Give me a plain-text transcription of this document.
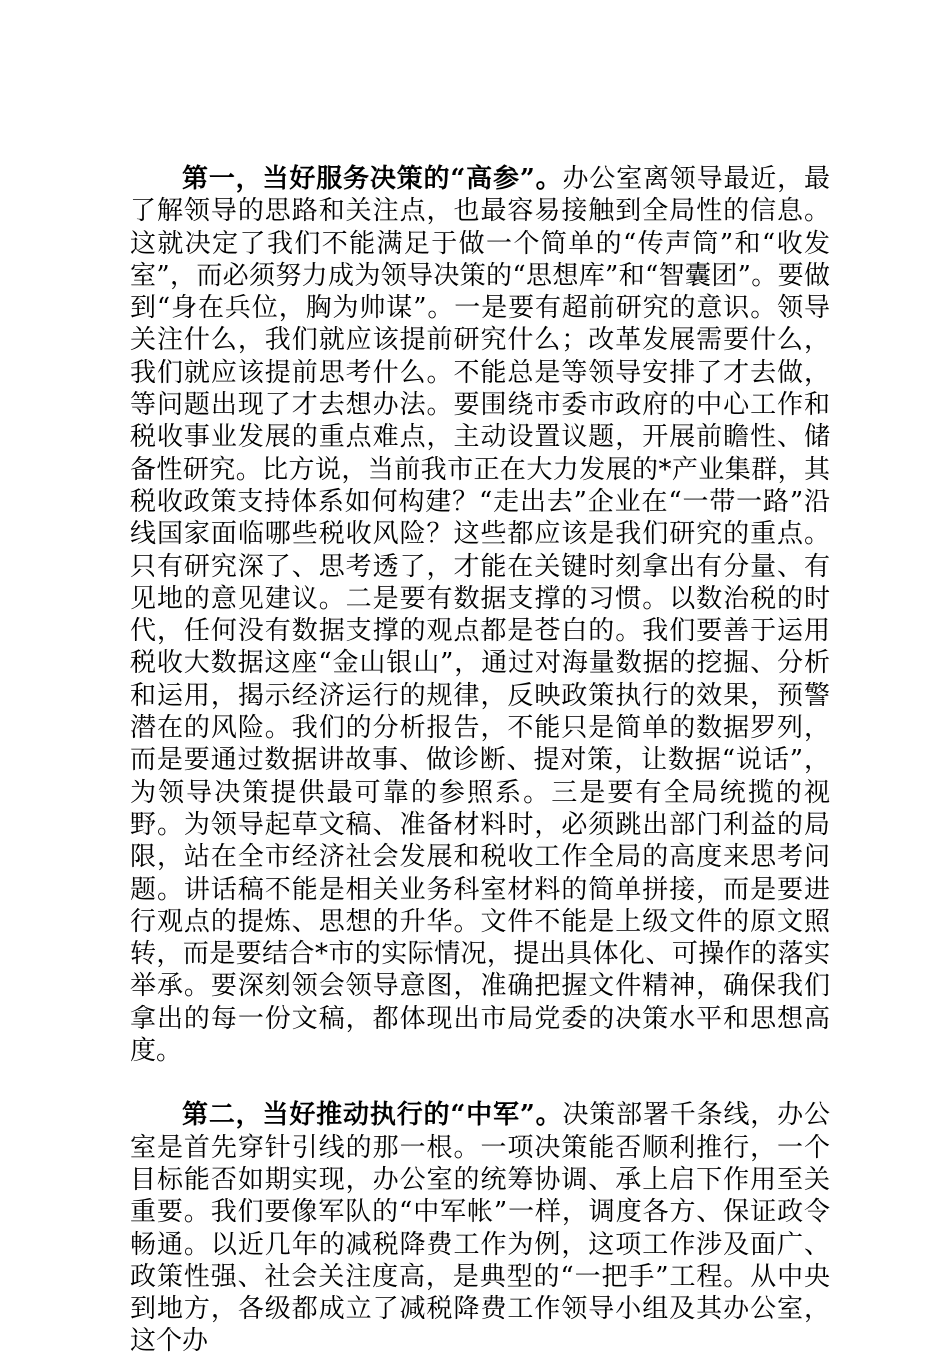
第一，当好服务决策的“高参”。办公室离领导最近，最了解领导的思路和关注点，也最容易接触到全局性的信息。这就决定了我们不能满足于做一个简单的“传声筒”和“收发室”，而必须努力成为领导决策的“思想库”和“智囊团”。要做到“身在兵位，胸为帅谋”。一是要有超前研究的意识。领导关注什么，我们就应该提前研究什么；改革发展需要什么，我们就应该提前思考什么。不能总是等领导安排了才去做，等问题出现了才去想办法。要围绕市委市政府的中心工作和税收事业发展的重点难点，主动设置议题，开展前瞻性、储备性研究。比方说，当前我市正在大力发展的*产业集群，其税收政策支持体系如何构建？“走出去”企业在“一带一路”沿线国家面临哪些税收风险？这些都应该是我们研究的重点。只有研究深了、思考透了，才能在关键时刻拿出有分量、有见地的意见建议。二是要有数据支撑的习惯。以数治税的时代，任何没有数据支撑的观点都是苍白的。我们要善于运用税收大数据这座“金山银山”，通过对海量数据的挖掘、分析和运用，揭示经济运行的规律，反映政策执行的效果，预警潜在的风险。我们的分析报告，不能只是简单的数据罗列，而是要通过数据讲故事、做诊断、提对策，让数据“说话”，为领导决策提供最可靠的参照系。三是要有全局统揽的视野。为领导起草文稿、准备材料时，必须跳出部门利益的局限，站在全市经济社会发展和税收工作全局的高度来思考问题。讲话稿不能是相关业务科室材料的简单拼接，而是要进行观点的提炼、思想的升华。文件不能是上级文件的原文照转，而是要结合*市的实际情况，提出具体化、可操作的落实举承。要深刻领会领导意图，准确把握文件精神，确保我们拿出的每一份文稿，都体现出市局党委的决策水平和思想高度。

第二，当好推动执行的“中军”。决策部署千条线，办公室是首先穿针引线的那一根。一项决策能否顺利推行，一个目标能否如期实现，办公室的统筹协调、承上启下作用至关重要。我们要像军队的“中军帐”一样，调度各方、保证政令畅通。以近几年的减税降费工作为例，这项工作涉及面广、政策性强、社会关注度高，是典型的“一把手”工程。从中央到地方，各级都成立了减税降费工作领导小组及其办公室，这个办
